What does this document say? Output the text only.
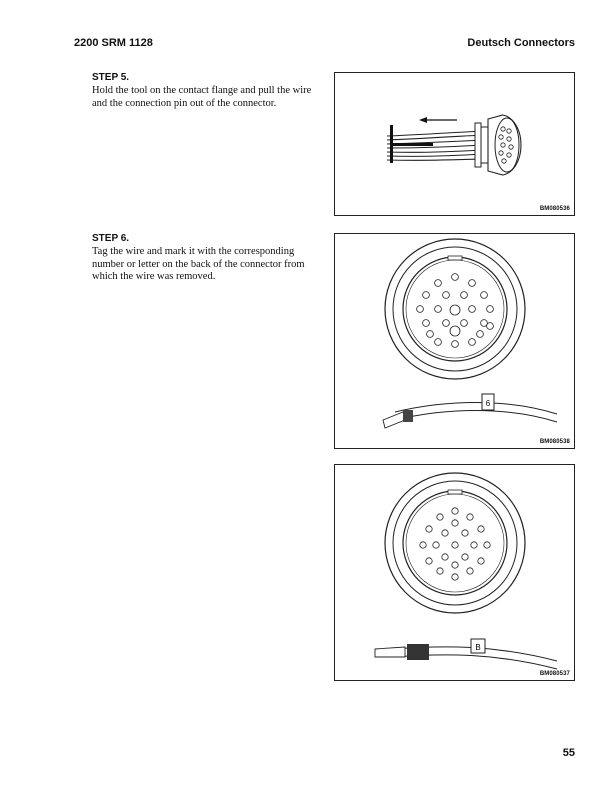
2200 SRM 1128	Deutsch Connectors

STEP 5.

Hold the tool on the contact flange and pull the wire and the connection pin out of the connector.

STEP 6.

Tag the wire and mark it with the corresponding number or letter on the back of the connector from which the wire was removed.

BM080536
6
BM080538
B
BM080537
55
